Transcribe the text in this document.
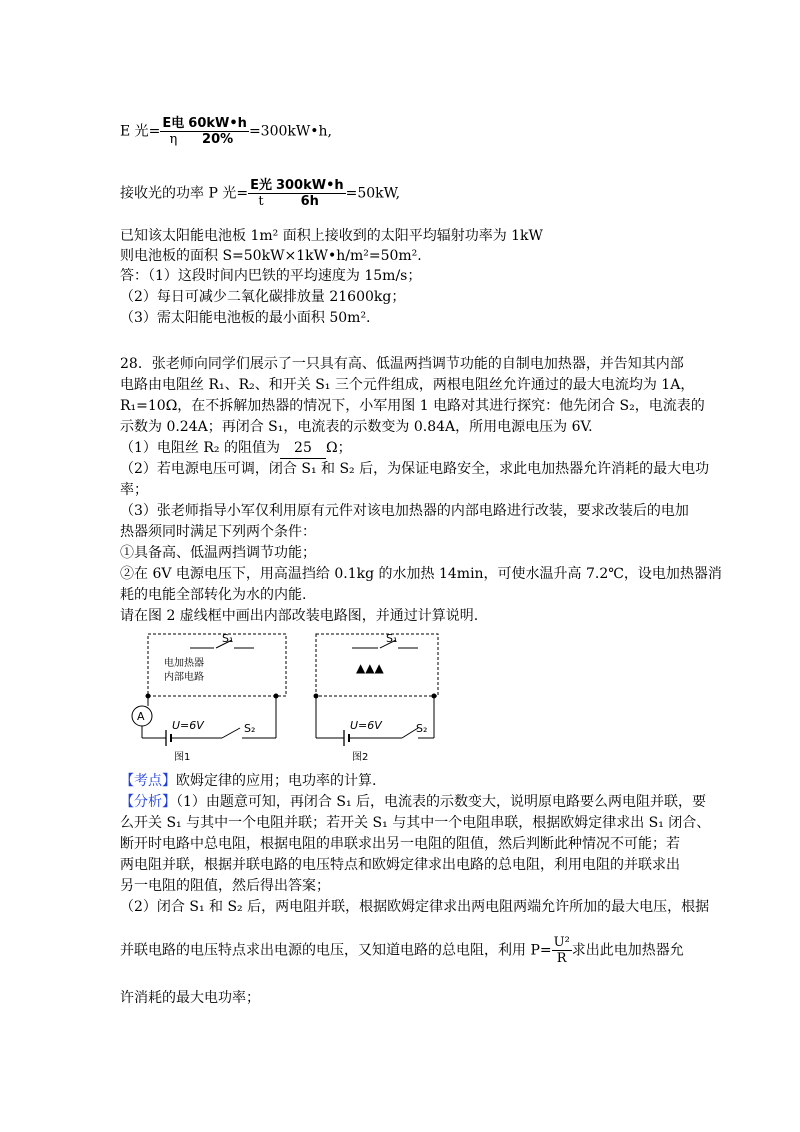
E 光= $\frac{\text{E电}}{\eta} \frac{60kW•h}{20\%}$ =300kW•h,
接收光的功率 P 光= $\frac{\text{E光}}{t} \frac{300kW•h}{6h} =50kW$,
已知该太阳能电池板 1m² 面积上接收到的太阳平均辐射功率为 1kW
则电池板的面积 S=50kW×1kW•h/m²=50m².
答：（1）这段时间内巴铁的平均速度为 15m/s；
（2）每日可减少二氧化碳排放量 21600kg；
（3）需太阳能电池板的最小面积 50m².
28．张老师向同学们展示了一只具有高、低温两挡调节功能的自制电加热器，并告知其内部
电路由电阻丝 R₁、R₂、和开关 S₁ 三个元件组成，两根电阻丝允许通过的最大电流均为 1A，
R₁=10Ω，在不拆解加热器的情况下，小军用图 1 电路对其进行探究：他先闭合 S₂，电流表的
示数为 0.24A；再闭合 S₁，电流表的示数变为 0.84A，所用电源电压为 6V.
（1）电阻丝 R₂ 的阻值为 25 Ω；
（2）若电源电压可调，闭合 S₁ 和 S₂ 后，为保证电路安全，求此电加热器允许消耗的最大电功
率；
（3）张老师指导小军仅利用原有元件对该电加热器的内部电路进行改装，要求改装后的电加
热器须同时满足下列两个条件：
①具备高、低温两挡调节功能；
②在 6V 电源电压下，用高温挡给 0.1kg 的水加热 14min，可使水温升高 7.2℃，设电加热器消
耗的电能全部转化为水的内能.
请在图 2 虚线框中画出内部改装电路图，并通过计算说明.
S₁
电加热器
内部电路
A
U=6V	S₂
图1
S₁
▲▲▲
U=6V	S₂
图2
【考点】欧姆定律的应用；电功率的计算.
【分析】（1）由题意可知，再闭合 S₁ 后，电流表的示数变大，说明原电路要么两电阻并联，要
么开关 S₁ 与其中一个电阻并联；若开关 S₁ 与其中一个电阻串联，根据欧姆定律求出 S₁ 闭合、
断开时电路中总电阻，根据电阻的串联求出另一电阻的阻值，然后判断此种情况不可能；若
两电阻并联，根据并联电路的电压特点和欧姆定律求出电路的总电阻，利用电阻的并联求出
另一电阻的阻值，然后得出答案；
（2）闭合 S₁ 和 S₂ 后，两电阻并联，根据欧姆定律求出两电阻两端允许所加的最大电压，根据
并联电路的电压特点求出电源的电压，又知道电路的总电阻，利用 $P= \frac{\text{U²}}{R}$ 求出此电加热器允
许消耗的最大电功率；
